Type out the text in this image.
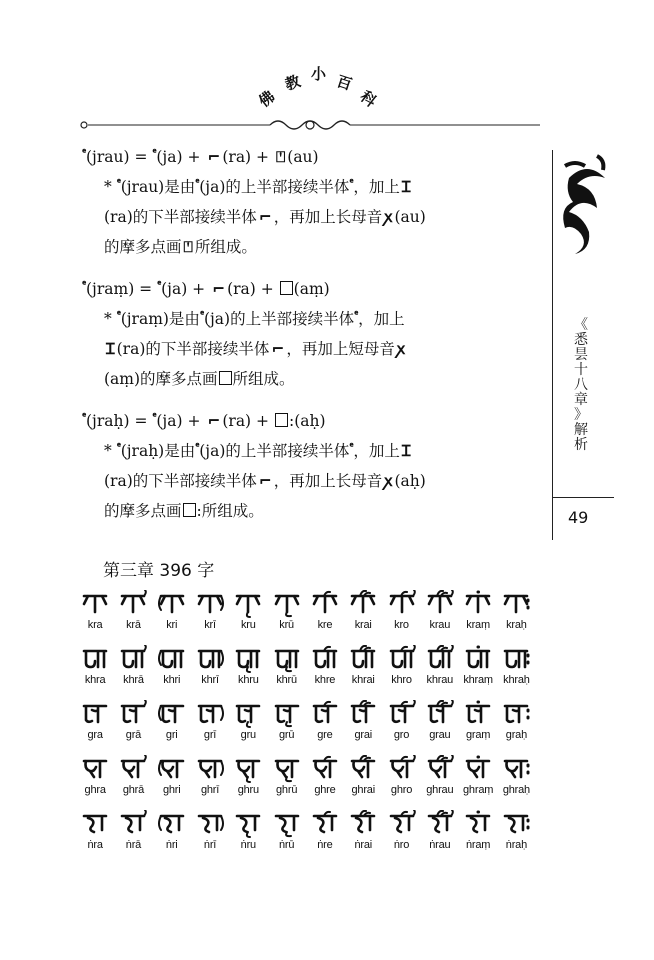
佛
教 小 百
科
《
悉
昙
十
八
章
》
解
析
49
(jrau) = (ja) + ⌐ (ra) + ⍞ (au)
* (jrau)是由 (ja)的上半部接续半体 ，加上 Ɪ
(ra)的下半部接续半体 ⌐ ，再加上长母音 ꭗ (au)
的摩多点画 ⍞ 所组成。
(jraṃ) = (ja) + ⌐ (ra) + (aṃ)
* (jraṃ)是由 (ja)的上半部接续半体 ，加上
Ɪ (ra)的下半部接续半体 ⌐ ，再加上短母音 ꭗ
(aṃ)的摩多点画 所组成。
(jraḥ) = (ja) + ⌐ (ra) + :(aḥ)
* (jraḥ)是由 (ja)的上半部接续半体 ，加上 Ɪ
(ra)的下半部接续半体 ⌐ ，再加上长母音 ꭗ (aḥ)
的摩多点画 :所组成。
第三章 396 字
kra krā kri krī kru krū kre krai kro krau kraṃ kraḥ
khra khrā khri khrī khru khrū khre khrai khro khrau khraṃ khraḥ
gra grā gri grī gru grū gre grai gro grau graṃ graḥ
ghra ghrā ghri ghrī ghru ghrū ghre ghrai ghro ghrau ghraṃ ghraḥ
ṅra ṅrā ṅri ṅrī ṅru ṅrū ṅre ṅrai ṅro ṅrau ṅraṃ ṅraḥ
